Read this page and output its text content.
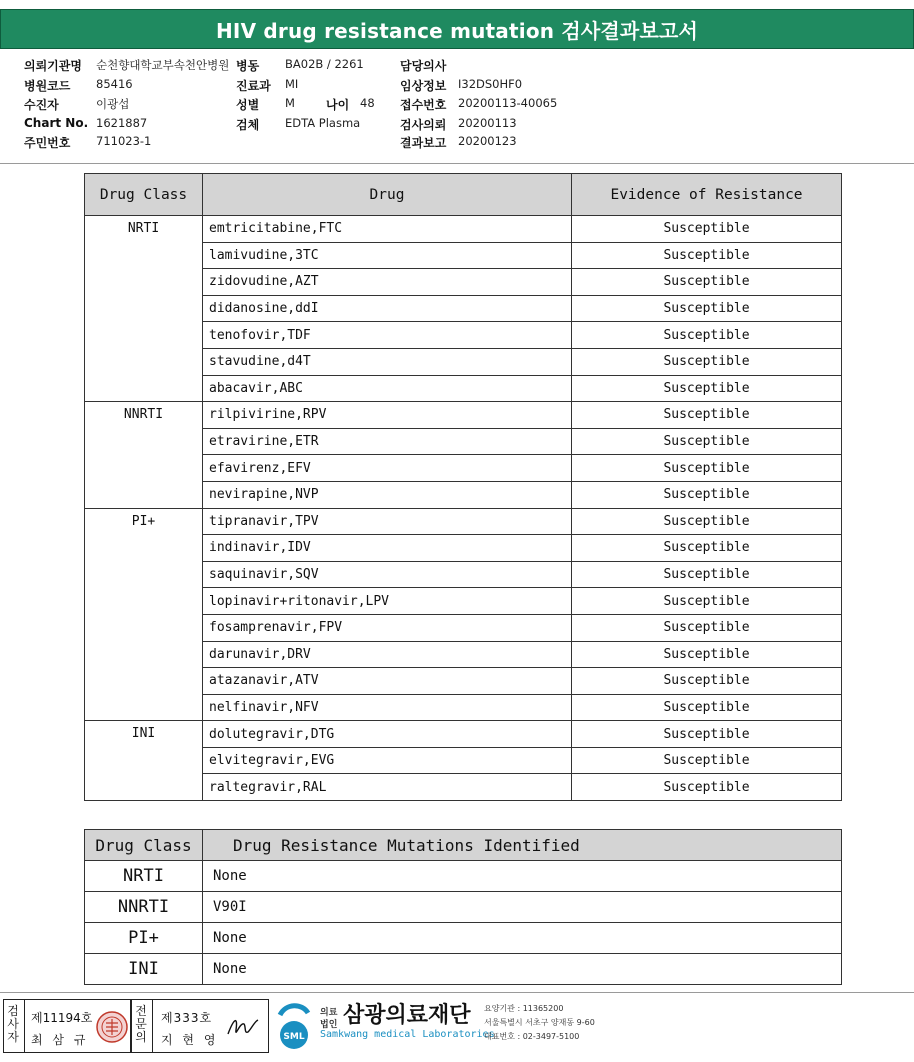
HIV drug resistance mutation 검사결과보고서
의뢰기관명 순천향대학교부속천안병원
병원코드 85416
수진자	이광섭
Chart No. 1621887
주민번호 711023-1
병동 BA02B / 2261
진료과 MI
성별 M	나이 48
검체 EDTA Plasma
담당의사
임상정보 I32DS0HF0
접수번호 20200113-40065
검사의뢰 20200113
결과보고 20200123
Drug Class	Drug	Evidence of Resistance
NRTI	emtricitabine,FTC	Susceptible
	lamivudine,3TC	Susceptible
	zidovudine,AZT	Susceptible
	didanosine,ddI	Susceptible
	tenofovir,TDF	Susceptible
	stavudine,d4T	Susceptible
	abacavir,ABC	Susceptible
NNRTI	rilpivirine,RPV	Susceptible
	etravirine,ETR	Susceptible
	efavirenz,EFV	Susceptible
	nevirapine,NVP	Susceptible
PI+	tipranavir,TPV	Susceptible
	indinavir,IDV	Susceptible
	saquinavir,SQV	Susceptible
	lopinavir+ritonavir,LPV	Susceptible
	fosamprenavir,FPV	Susceptible
	darunavir,DRV	Susceptible
	atazanavir,ATV	Susceptible
	nelfinavir,NFV	Susceptible
INI	dolutegravir,DTG	Susceptible
	elvitegravir,EVG	Susceptible
	raltegravir,RAL	Susceptible
Drug Class	Drug Resistance Mutations Identified
NRTI	None
NNRTI	V90I
PI+	None
INI	None
검사자
제11194호
최 삼 규
전문의
제333호
지 현 영	SML
의료
법인 삼광의료재단
Samkwang medical Laboratories
요양기관 : 11365200
서울특별시 서초구 양재동 9-60
대표번호 : 02-3497-5100
